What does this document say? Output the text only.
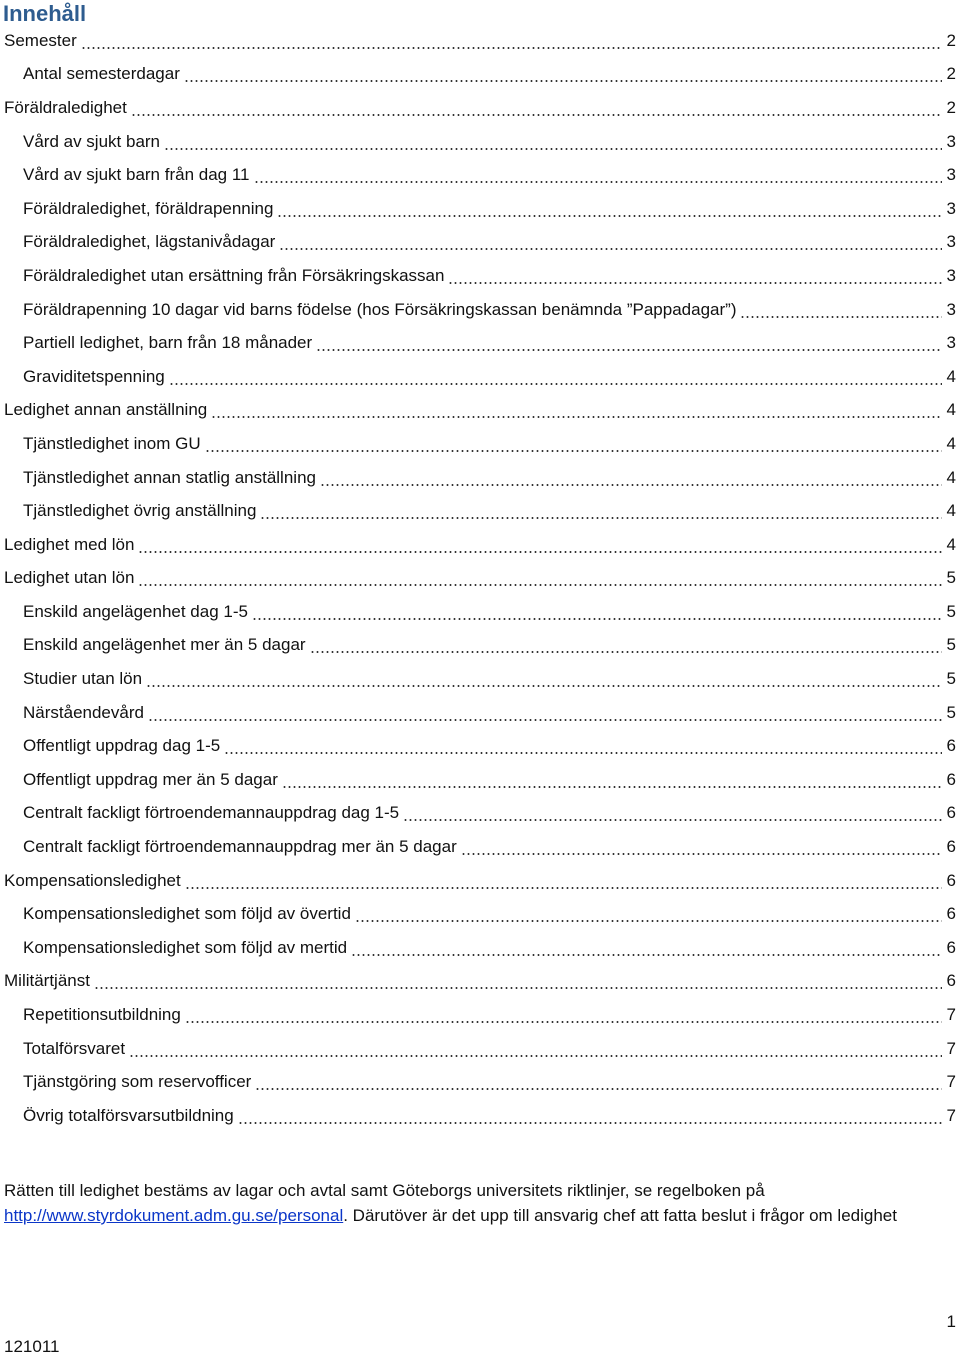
Innehåll
Semester	2
Antal semesterdagar	2
Föräldraledighet	2
Vård av sjukt barn	3
Vård av sjukt barn från dag 11	3
Föräldraledighet, föräldrapenning	3
Föräldraledighet, lägstanivådagar	3
Föräldraledighet utan ersättning från Försäkringskassan	3
Föräldrapenning 10 dagar vid barns födelse (hos Försäkringskassan benämnda ”Pappadagar”)	3
Partiell ledighet, barn från 18 månader	3
Graviditetspenning	4
Ledighet annan anställning	4
Tjänstledighet inom GU	4
Tjänstledighet annan statlig anställning	4
Tjänstledighet övrig anställning	4
Ledighet med lön	4
Ledighet utan lön	5
Enskild angelägenhet dag 1-5	5
Enskild angelägenhet mer än 5 dagar	5
Studier utan lön	5
Närståendevård	5
Offentligt uppdrag dag 1-5	6
Offentligt uppdrag mer än 5 dagar	6
Centralt fackligt förtroendemannauppdrag dag 1-5	6
Centralt fackligt förtroendemannauppdrag mer än 5 dagar	6
Kompensationsledighet	6
Kompensationsledighet som följd av övertid	6
Kompensationsledighet som följd av mertid	6
Militärtjänst	6
Repetitionsutbildning	7
Totalförsvaret	7
Tjänstgöring som reservofficer	7
Övrig totalförsvarsutbildning	7
Rätten till ledighet bestäms av lagar och avtal samt Göteborgs universitets riktlinjer, se regelboken på http://www.styrdokument.adm.gu.se/personal. Därutöver är det upp till ansvarig chef att fatta beslut i frågor om ledighet
1
121011
